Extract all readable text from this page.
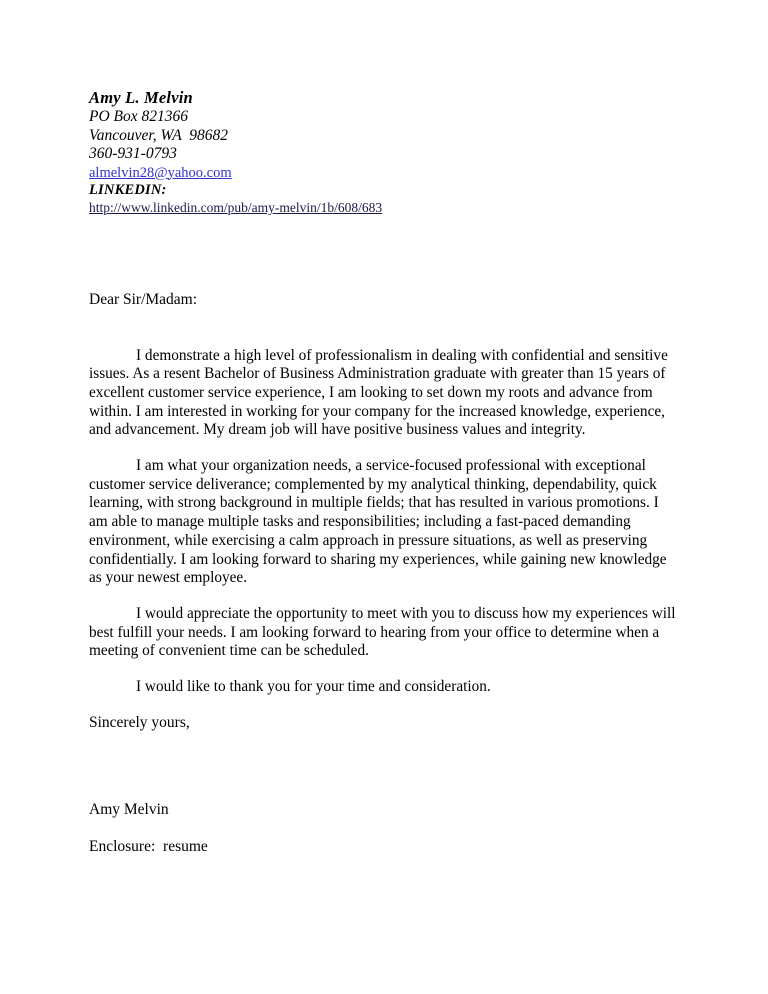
Amy L. Melvin
PO Box 821366
Vancouver, WA  98682
360-931-0793
almelvin28@yahoo.com
LINKEDIN:
http://www.linkedin.com/pub/amy-melvin/1b/608/683
Dear Sir/Madam:

I demonstrate a high level of professionalism in dealing with confidential and sensitive issues. As a resent Bachelor of Business Administration graduate with greater than 15 years of excellent customer service experience, I am looking to set down my roots and advance from within. I am interested in working for your company for the increased knowledge, experience, and advancement. My dream job will have positive business values and integrity.

I am what your organization needs, a service-focused professional with exceptional customer service deliverance; complemented by my analytical thinking, dependability, quick learning, with strong background in multiple fields; that has resulted in various promotions. I am able to manage multiple tasks and responsibilities; including a fast-paced demanding environment, while exercising a calm approach in pressure situations, as well as preserving confidentially. I am looking forward to sharing my experiences, while gaining new knowledge as your newest employee.

I would appreciate the opportunity to meet with you to discuss how my experiences will best fulfill your needs. I am looking forward to hearing from your office to determine when a meeting of convenient time can be scheduled.

I would like to thank you for your time and consideration.

Sincerely yours,
Amy Melvin
Enclosure:  resume
